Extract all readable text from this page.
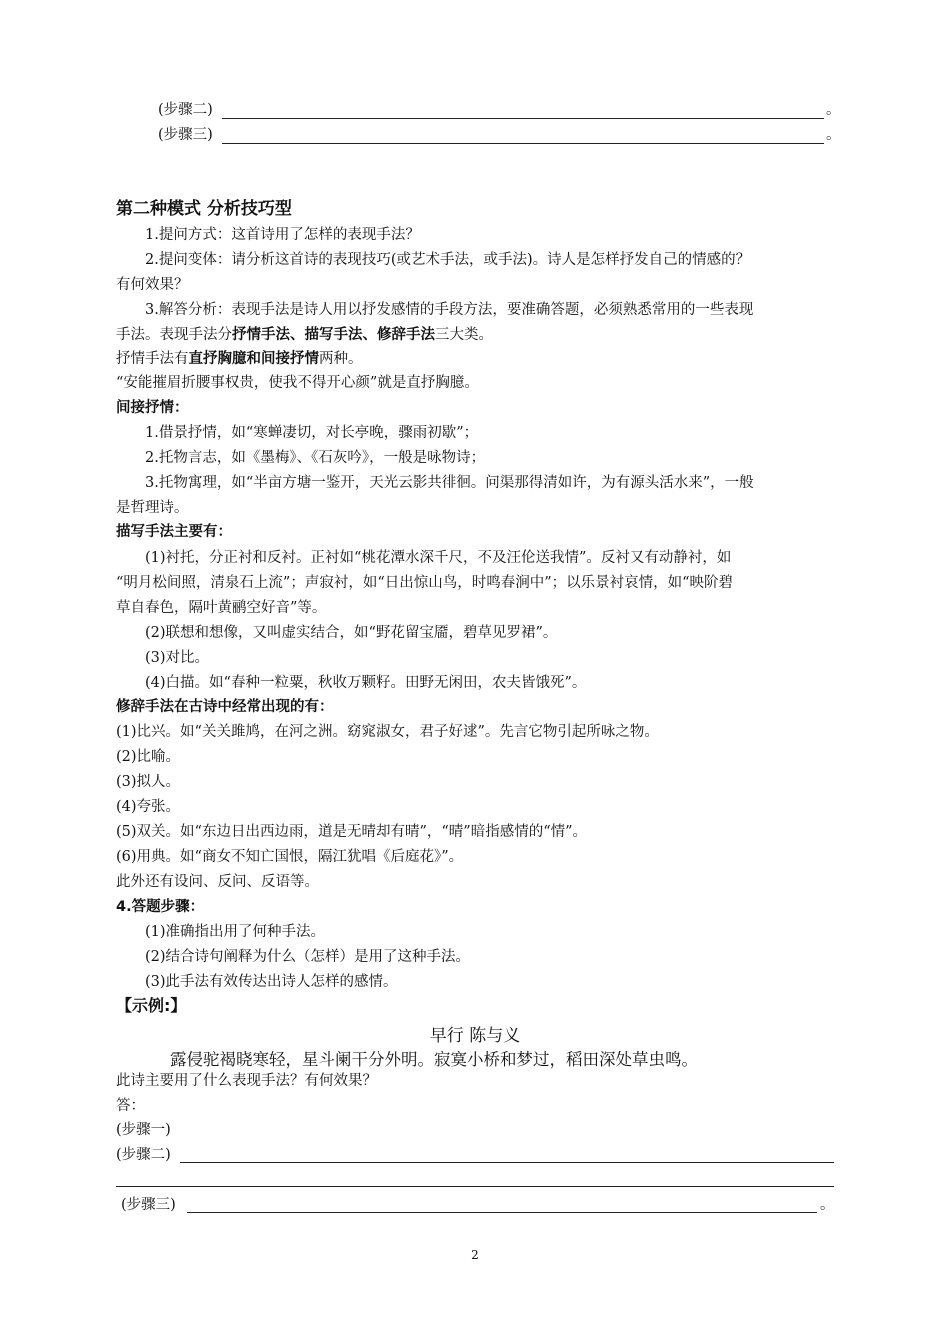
(步骤二)	。
(步骤三)	。
第二种模式 分析技巧型
1.提问方式：这首诗用了怎样的表现手法？
2.提问变体：请分析这首诗的表现技巧(或艺术手法，或手法)。诗人是怎样抒发自己的情感的？
有何效果？
3.解答分析：表现手法是诗人用以抒发感情的手段方法，要准确答题，必须熟悉常用的一些表现
手法。表现手法分抒情手法、描写手法、修辞手法三大类。
抒情手法有直抒胸臆和间接抒情两种。
“安能摧眉折腰事权贵，使我不得开心颜”就是直抒胸臆。
间接抒情：
1.借景抒情，如“寒蝉凄切，对长亭晚，骤雨初歇”；
2.托物言志，如《墨梅》、《石灰吟》，一般是咏物诗；
3.托物寓理，如“半亩方塘一鉴开，天光云影共徘徊。问渠那得清如许，为有源头活水来”，一般
是哲理诗。
描写手法主要有：
(1)衬托，分正衬和反衬。正衬如“桃花潭水深千尺，不及汪伦送我情”。反衬又有动静衬，如
“明月松间照，清泉石上流”；声寂衬，如“日出惊山鸟，时鸣春涧中”；以乐景衬哀情，如“映阶碧
草自春色，隔叶黄鹂空好音”等。
(2)联想和想像，又叫虚实结合，如“野花留宝靥，碧草见罗裙”。
(3)对比。
(4)白描。如“春种一粒粟，秋收万颗籽。田野无闲田，农夫皆饿死”。
修辞手法在古诗中经常出现的有：
(1)比兴。如“关关雎鸠，在河之洲。窈窕淑女，君子好逑”。先言它物引起所咏之物。
(2)比喻。
(3)拟人。
(4)夸张。
(5)双关。如“东边日出西边雨，道是无晴却有晴”，“晴”暗指感情的“情”。
(6)用典。如“商女不知亡国恨，隔江犹唱《后庭花》”。
此外还有设问、反问、反语等。
4.答题步骤：
(1)准确指出用了何种手法。
(2)结合诗句阐释为什么（怎样）是用了这种手法。
(3)此手法有效传达出诗人怎样的感情。
【示例:】
早行 陈与义
露侵驼褐晓寒轻，星斗阑干分外明。寂寞小桥和梦过，稻田深处草虫鸣。
此诗主要用了什么表现手法？有何效果？
答：
(步骤一)
(步骤二)
(步骤三)	。
2
